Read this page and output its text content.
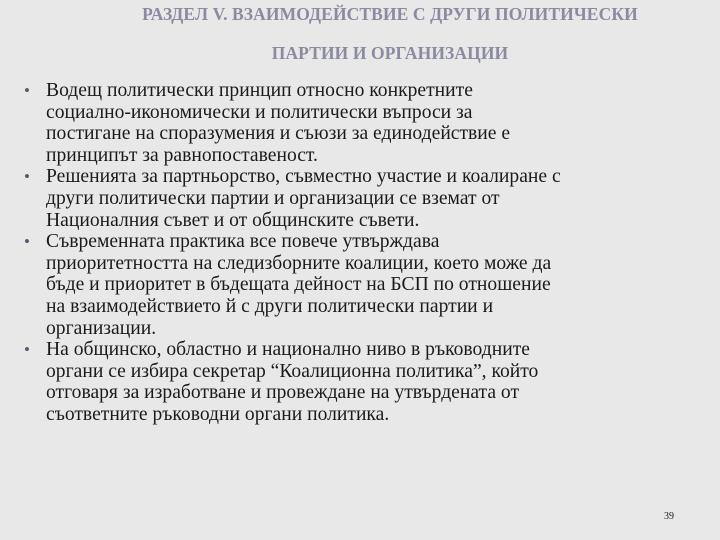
РАЗДЕЛ V. ВЗАИМОДЕЙСТВИЕ С ДРУГИ ПОЛИТИЧЕСКИ
ПАРТИИ И ОРГАНИЗАЦИИ
• Водещ политически принцип относно конкретните
социално-икономически и политически въпроси за
постигане на споразумения и съюзи за единодействие е
принципът за равнопоставеност.
• Решенията за партньорство, съвместно участие и коалиране с
други политически партии и организации се вземат от
Националния съвет и от общинските съвети.
• Съвременната практика все повече утвърждава
приоритетността на следизборните коалиции, което може да
бъде и приоритет в бъдещата дейност на БСП по отношение
на взаимодействието й с други политически партии и
организации.
• На общинско, областно и национално ниво в ръководните
органи се избира секретар “Коалиционна политика”, който
отговаря за изработване и провеждане на утвърдената от
съответните ръководни органи политика.
39
